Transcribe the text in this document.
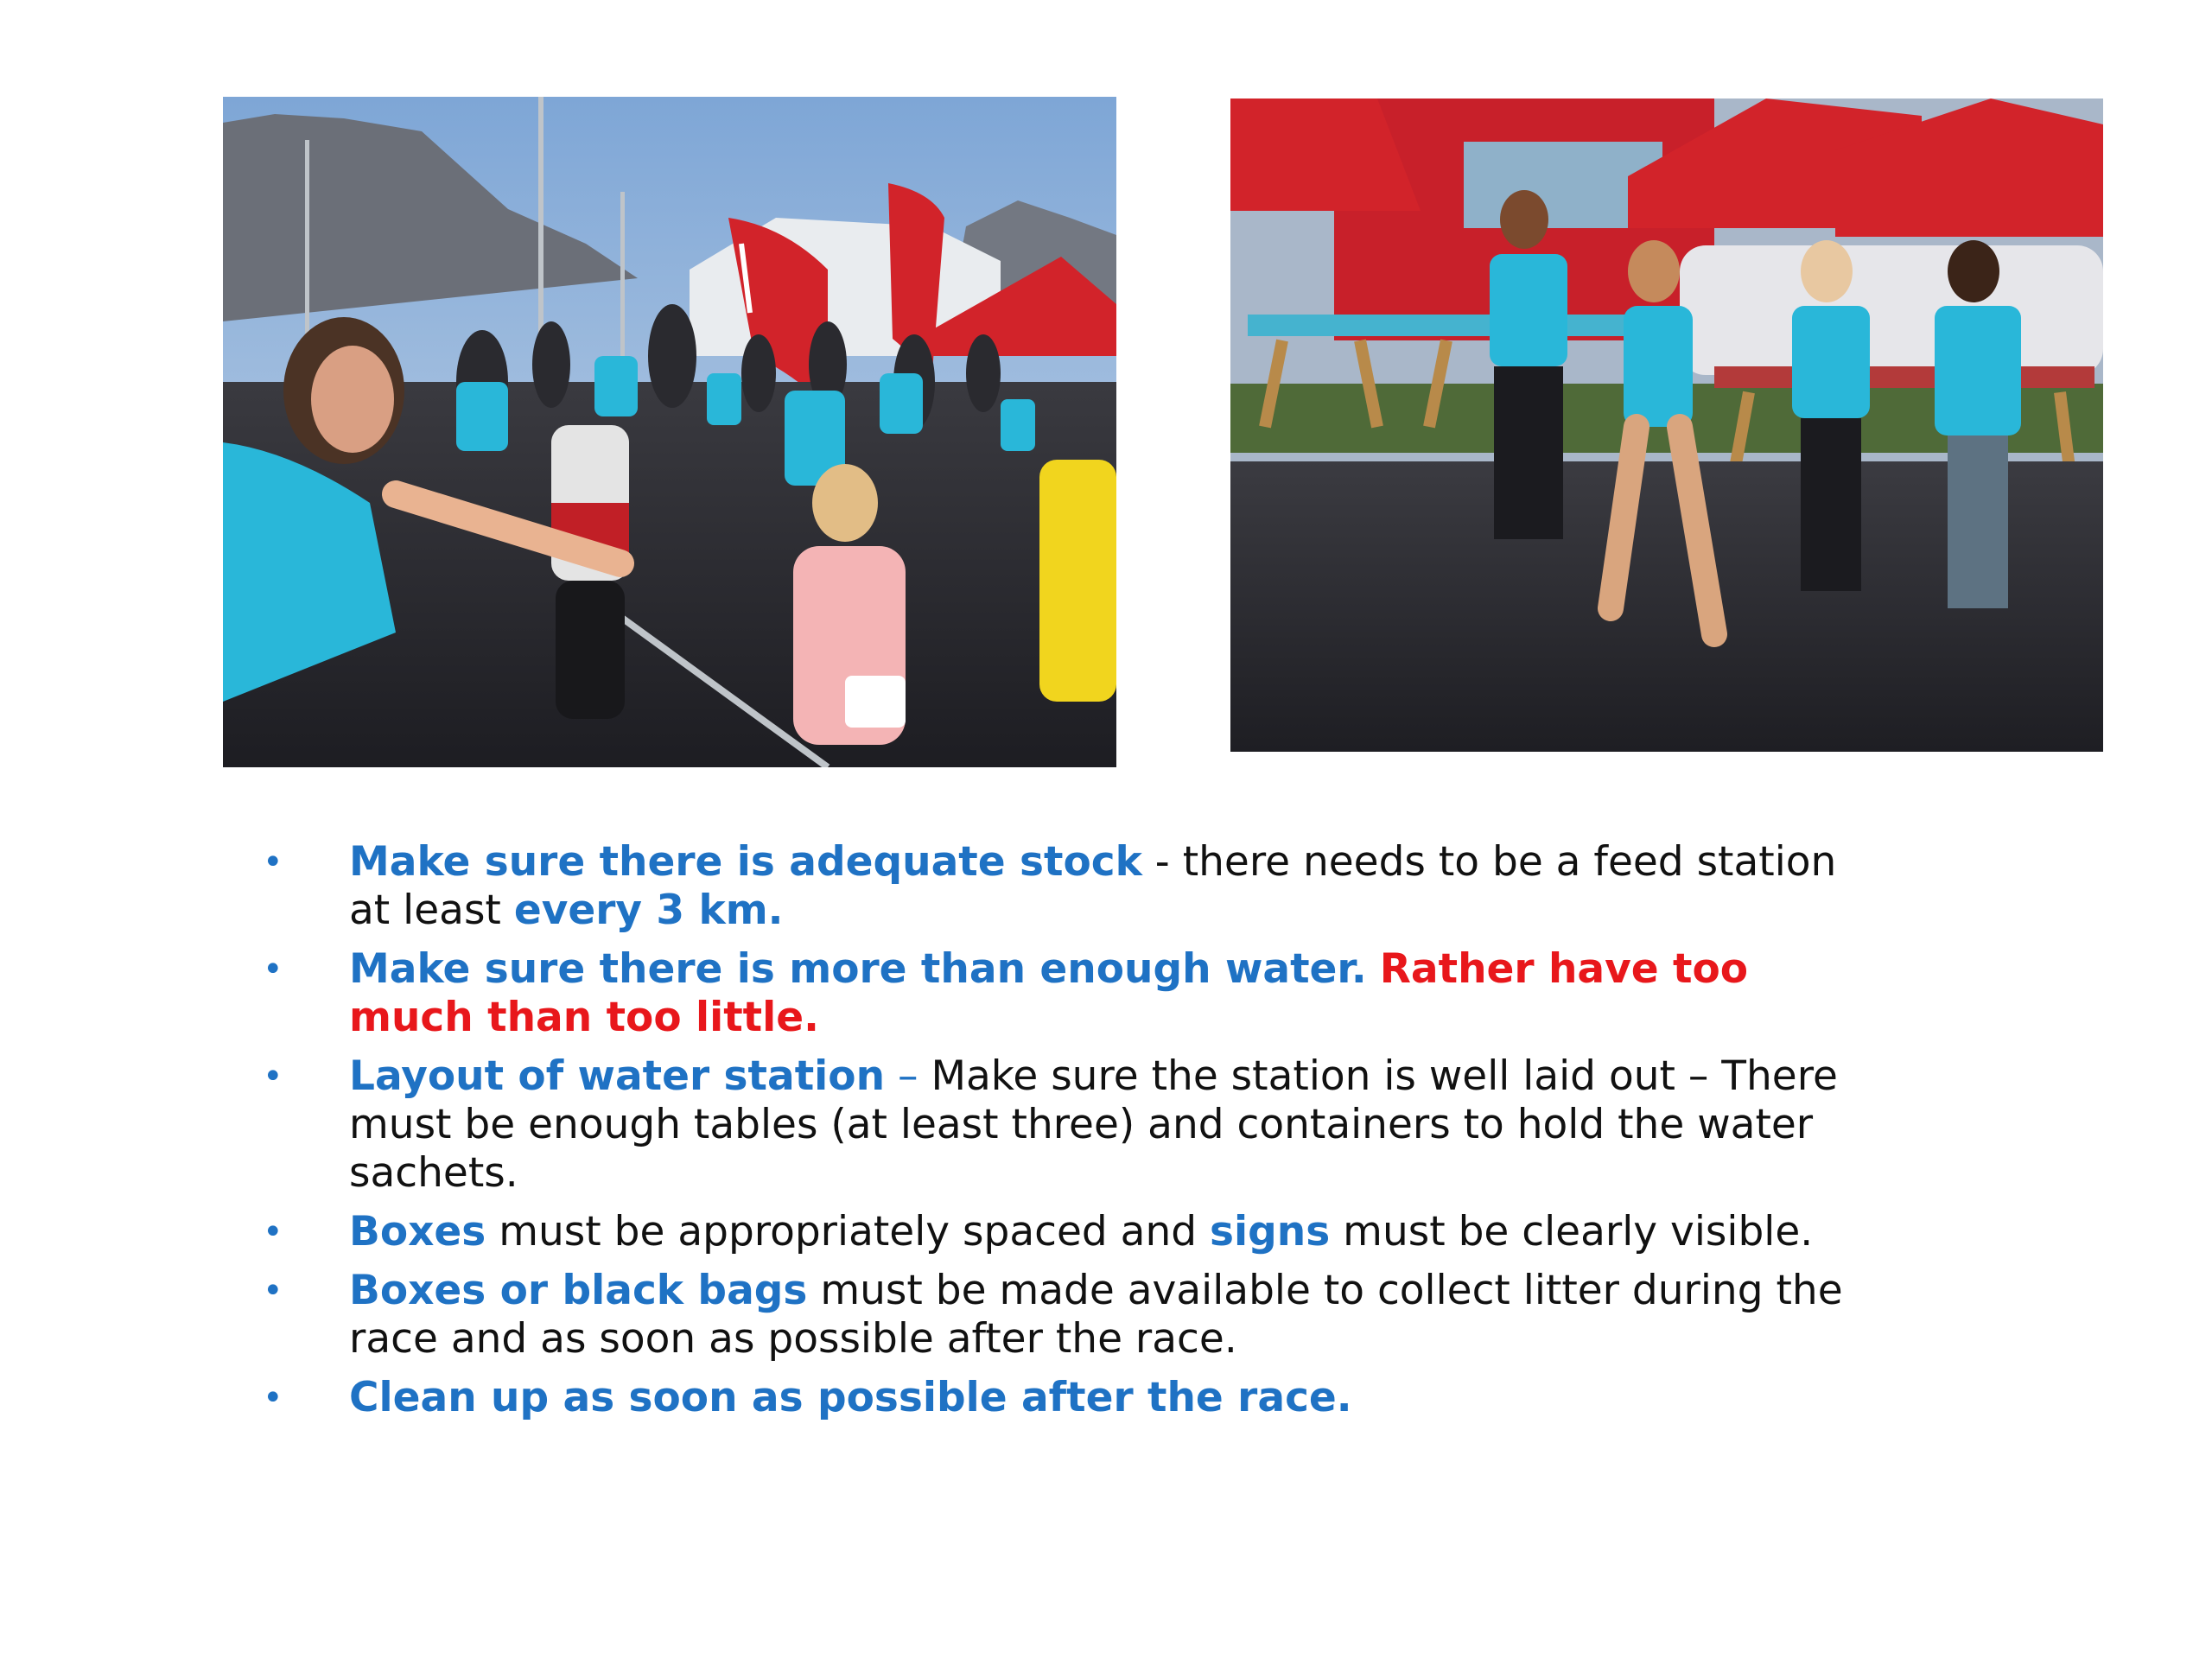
• Make sure there is adequate stock - there needs to be a feed station at least every 3 km.
• Make sure there is more than enough water. Rather have too much than too little.
• Layout of water station – Make sure the station is well laid out – There must be enough tables (at least three) and containers to hold the water sachets.
• Boxes must be appropriately spaced and signs must be clearly visible.
• Boxes or black bags must be made available to collect litter during the race and as soon as possible after the race.
• Clean up as soon as possible after the race.
